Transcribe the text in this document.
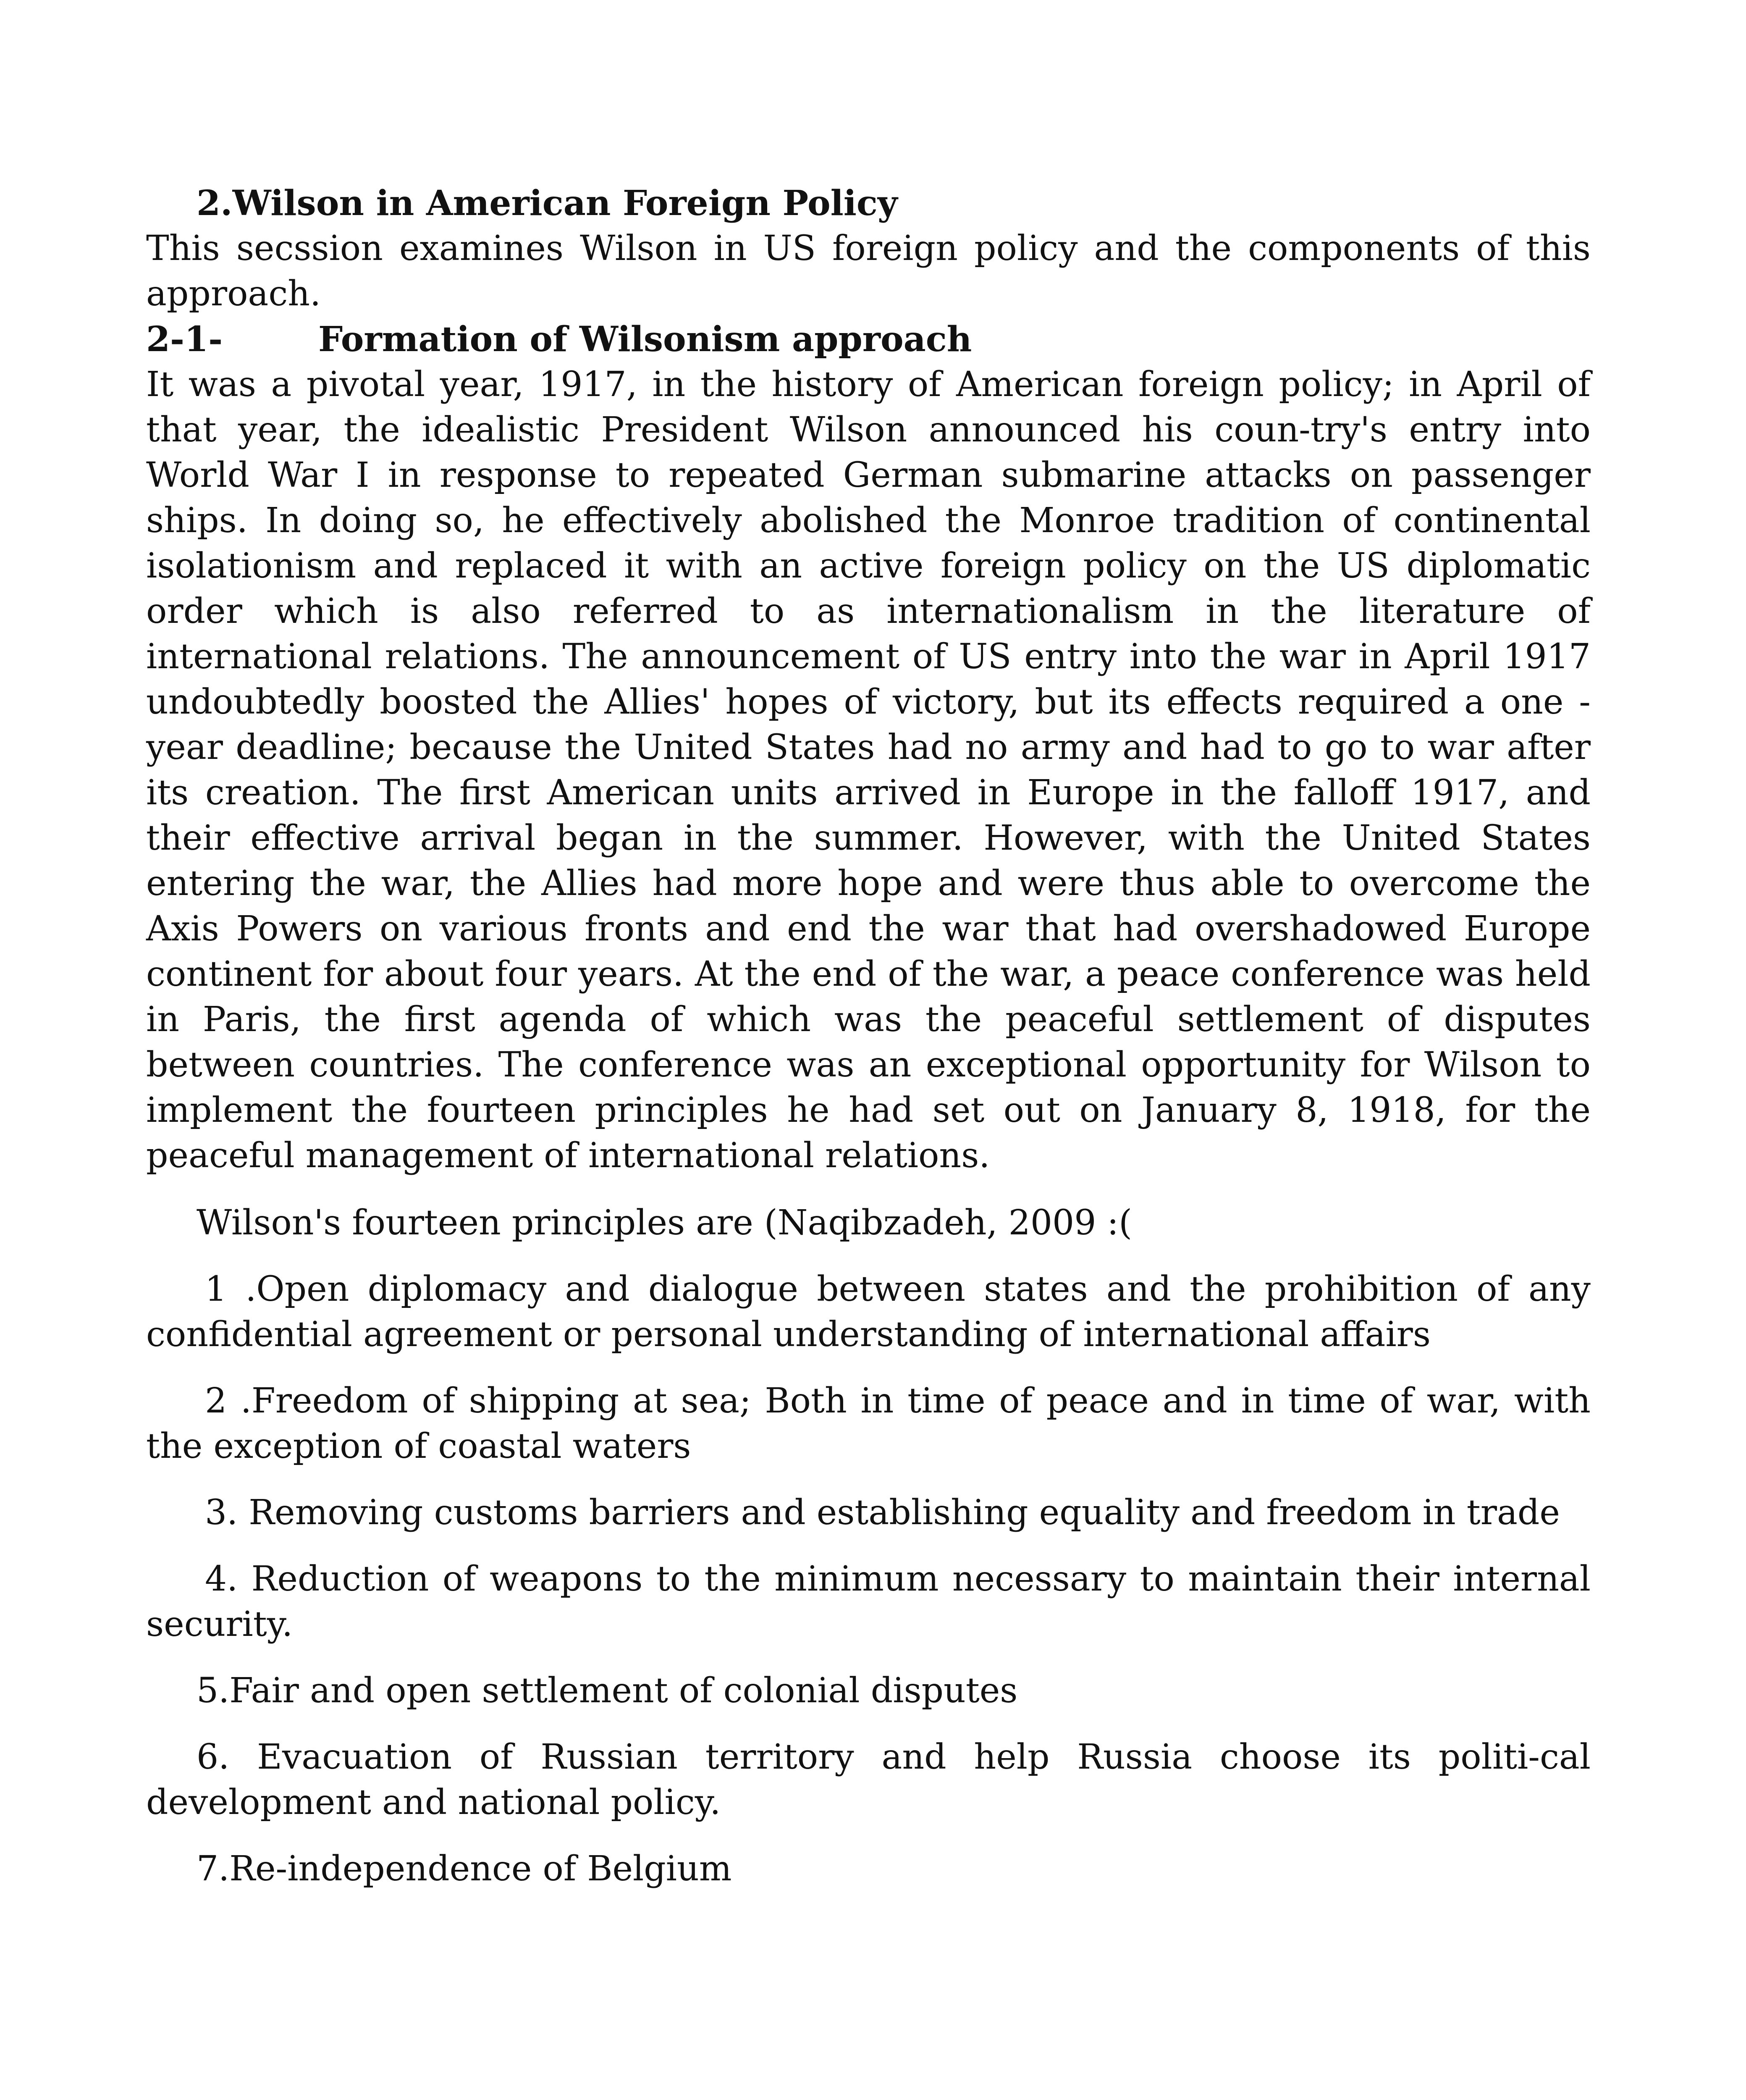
2.Wilson in American Foreign Policy

This secssion examines Wilson in US foreign policy and the components of this approach.

2-1-	Formation of Wilsonism approach

It was a pivotal year, 1917, in the history of American foreign policy; in April of that year, the idealistic President Wilson announced his coun-try's entry into World War I in response to repeated German submarine attacks on passenger ships. In doing so, he effectively abolished the Monroe tradition of continental isolationism and replaced it with an active foreign policy on the US diplomatic order which is also referred to as internationalism in the literature of international relations. The announcement of US entry into the war in April 1917 undoubtedly boosted the Allies' hopes of victory, but its effects required a one -year deadline; because the United States had no army and had to go to war after its creation. The first American units arrived in Europe in the falloff 1917, and their effective arrival began in the summer. However, with the United States entering the war, the Allies had more hope and were thus able to overcome the Axis Powers on various fronts and end the war that had overshadowed Europe continent for about four years. At the end of the war, a peace conference was held in Paris, the first agenda of which was the peaceful settlement of disputes between countries. The conference was an exceptional opportunity for Wilson to implement the fourteen principles he had set out on January 8, 1918, for the peaceful management of international relations.

Wilson's fourteen principles are (Naqibzadeh, 2009 :(

1 .Open diplomacy and dialogue between states and the prohibition of any confidential agreement or personal understanding of international affairs
2 .Freedom of shipping at sea; Both in time of peace and in time of war, with the exception of coastal waters
3. Removing customs barriers and establishing equality and freedom in trade
4. Reduction of weapons to the minimum necessary to maintain their internal security.
5.Fair and open settlement of colonial disputes
6. Evacuation of Russian territory and help Russia choose its politi-cal development and national policy.
7.Re-independence of Belgium
